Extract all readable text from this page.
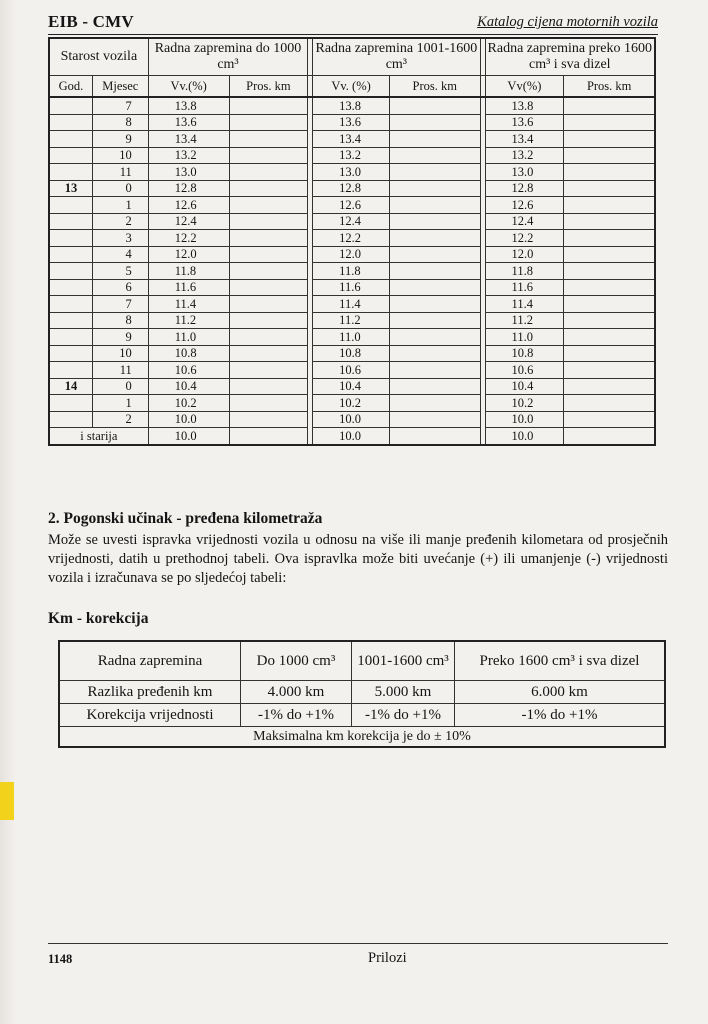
EIB - CMV	Katalog cijena motornih vozila
Starost vozila		Radna zapremina do 1000 cm³			Radna zapremina 1001-1600 cm³			Radna zapremina preko 1600 cm³ i sva dizel	
God.	Mjesec	Vv.(%)	Pros. km		Vv. (%)	Pros. km		Vv(%)	Pros. km
	7	13.8			13.8			13.8	
	8	13.6			13.6			13.6	
	9	13.4			13.4			13.4	
	10	13.2			13.2			13.2	
	11	13.0			13.0			13.0	
13	0	12.8			12.8			12.8	
	1	12.6			12.6			12.6	
	2	12.4			12.4			12.4	
	3	12.2			12.2			12.2	
	4	12.0			12.0			12.0	
	5	11.8			11.8			11.8	
	6	11.6			11.6			11.6	
	7	11.4			11.4			11.4	
	8	11.2			11.2			11.2	
	9	11.0			11.0			11.0	
	10	10.8			10.8			10.8	
	11	10.6			10.6			10.6	
14	0	10.4			10.4			10.4	
	1	10.2			10.2			10.2	
	2	10.0			10.0			10.0	
i starija		10.0			10.0			10.0	
2. Pogonski učinak - pređena kilometraža
Može se uvesti ispravka vrijednosti vozila u odnosu na više ili manje pređenih kilometara od prosječnih vrijednosti, datih u prethodnoj tabeli. Ova ispravlka može biti uvećanje (+) ili umanjenje (-) vrijednosti vozila i izračunava se po sljedećoj tabeli:
Km - korekcija
Radna zapremina	Do 1000 cm³	1001-1600 cm³	Preko 1600 cm³ i sva dizel
Razlika pređenih km	4.000 km	5.000 km	6.000 km
Korekcija vrijednosti	-1% do +1%	-1% do +1%	-1% do +1%
Maksimalna km korekcija je do ± 10%			
1148	Prilozi
